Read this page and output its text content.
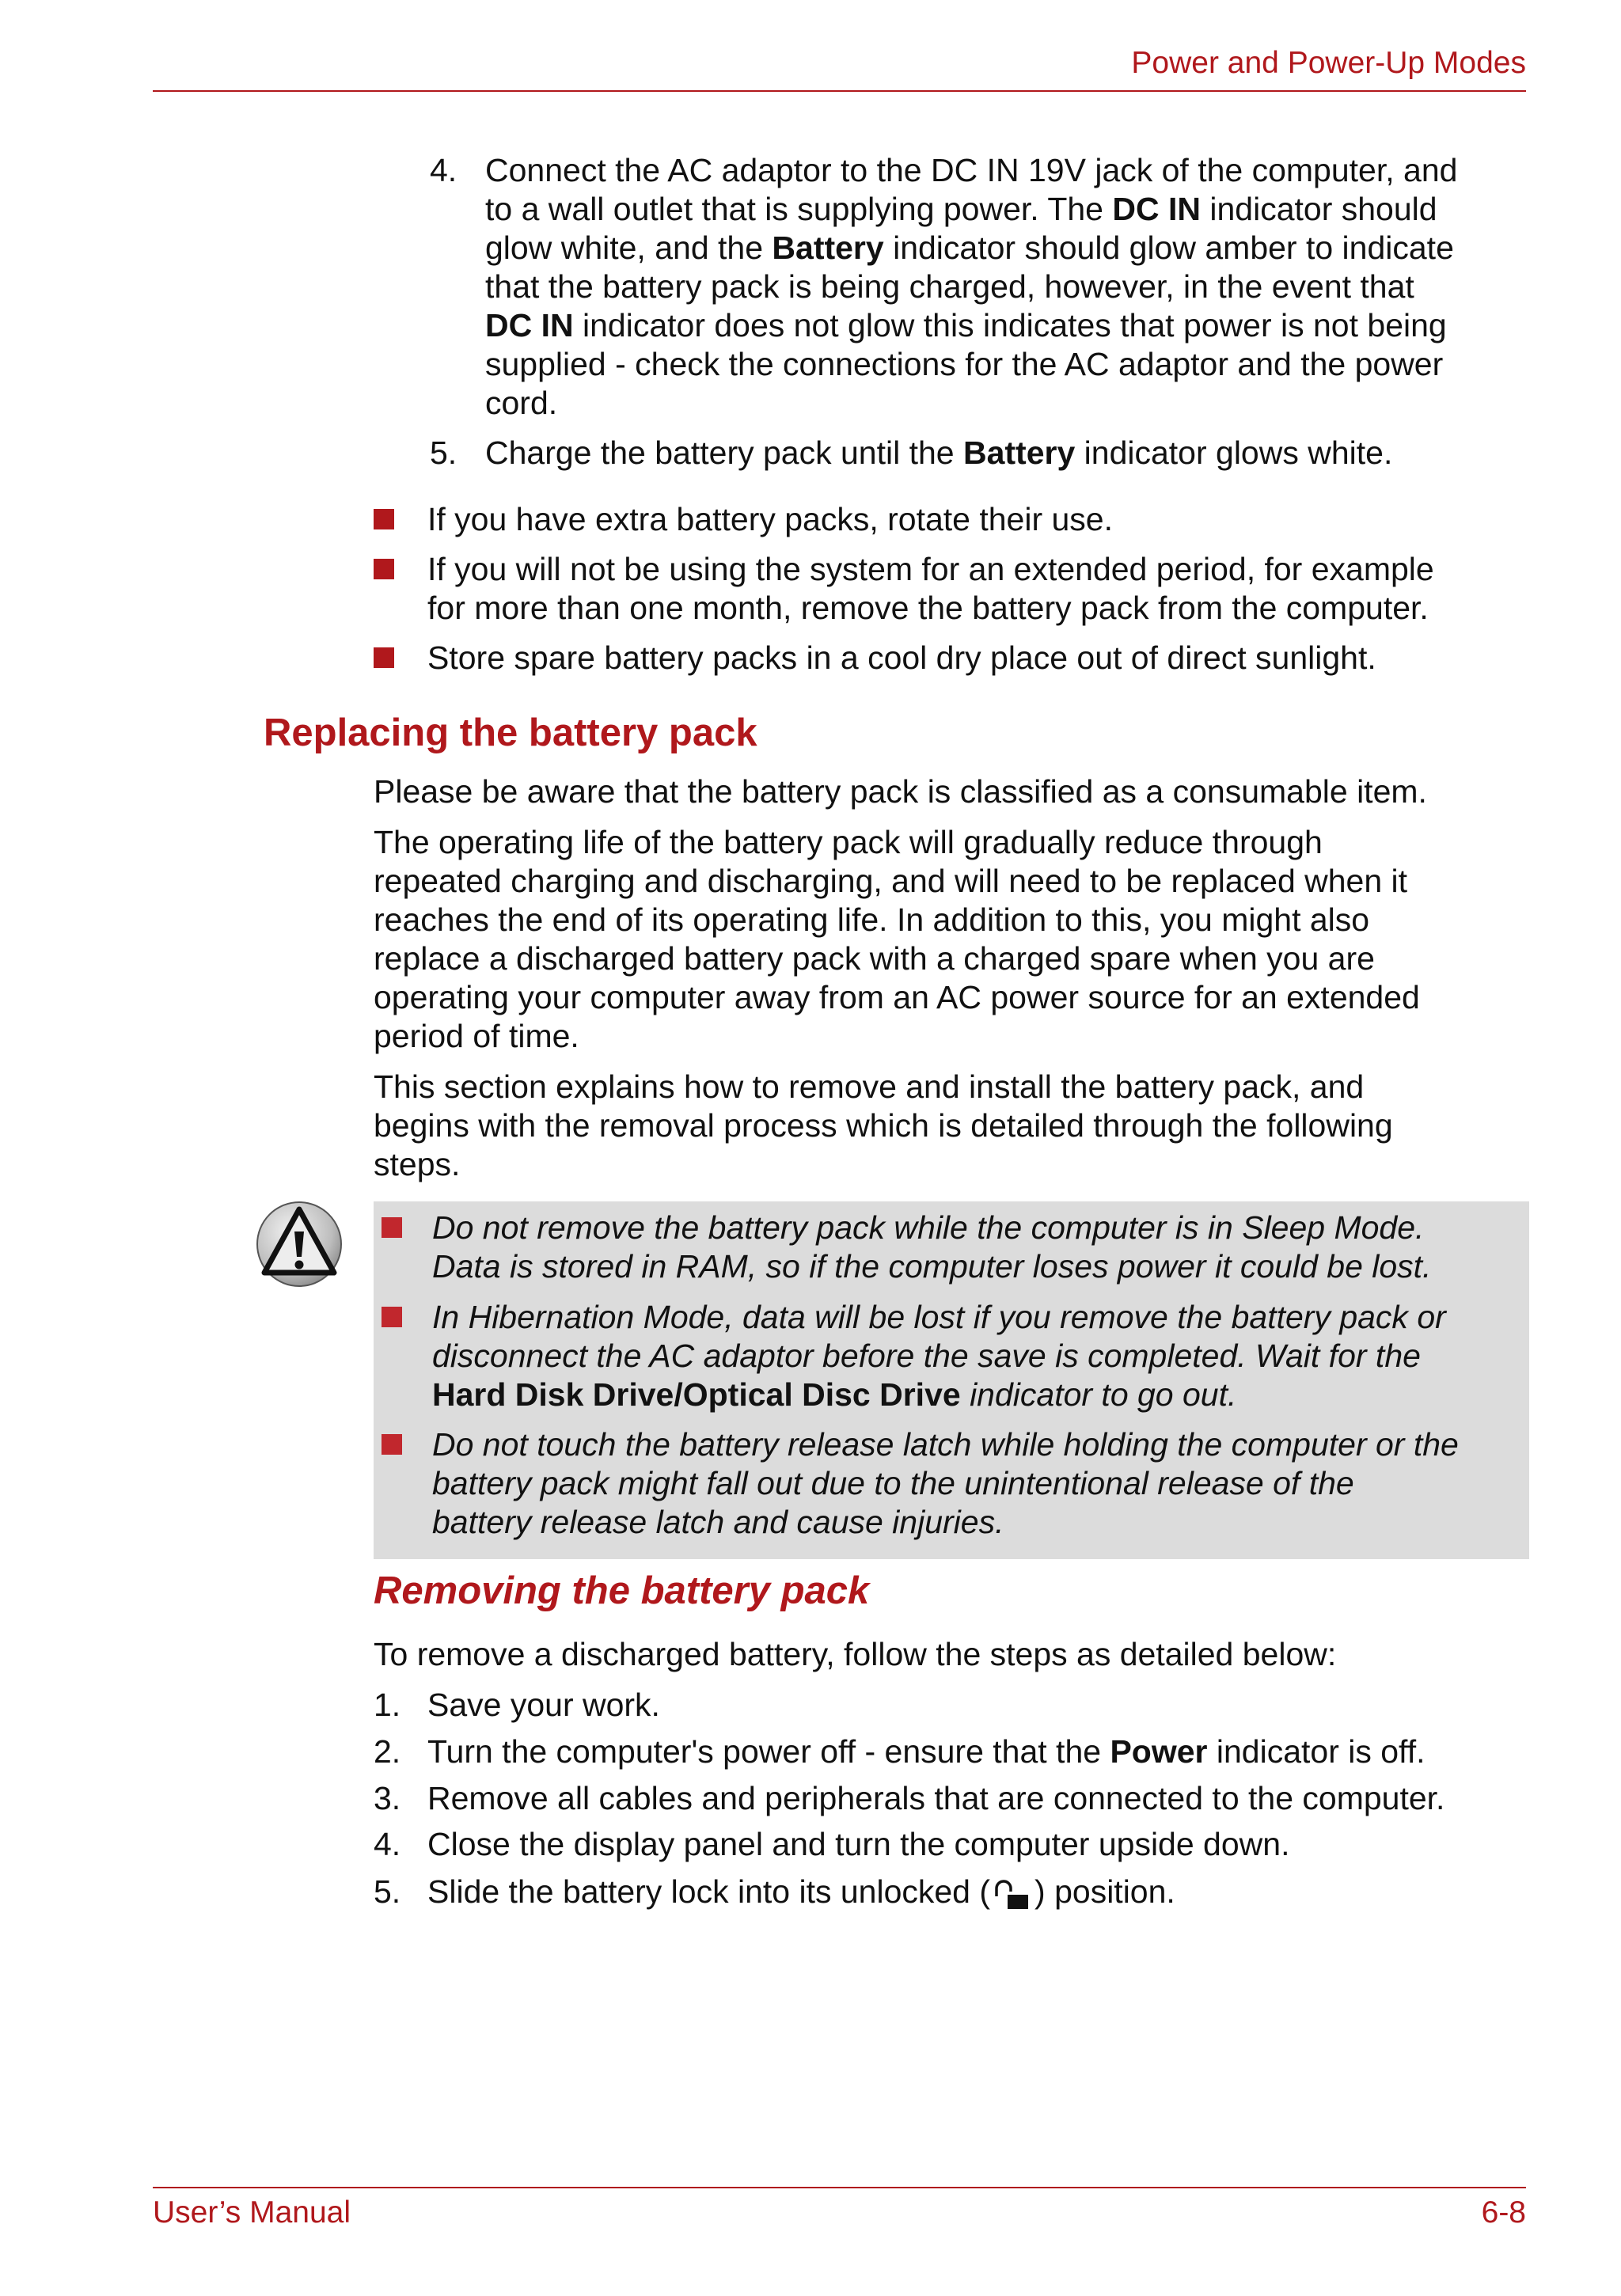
Power and Power-Up Modes
4. Connect the AC adaptor to the DC IN 19V jack of the computer, and
to a wall outlet that is supplying power. The DC IN indicator should
glow white, and the Battery indicator should glow amber to indicate
that the battery pack is being charged, however, in the event that
DC IN indicator does not glow this indicates that power is not being
supplied - check the connections for the AC adaptor and the power
cord.
5. Charge the battery pack until the Battery indicator glows white.
If you have extra battery packs, rotate their use.
If you will not be using the system for an extended period, for example
for more than one month, remove the battery pack from the computer.
Store spare battery packs in a cool dry place out of direct sunlight.
Replacing the battery pack
Please be aware that the battery pack is classified as a consumable item.
The operating life of the battery pack will gradually reduce through
repeated charging and discharging, and will need to be replaced when it
reaches the end of its operating life. In addition to this, you might also
replace a discharged battery pack with a charged spare when you are
operating your computer away from an AC power source for an extended
period of time.
This section explains how to remove and install the battery pack, and
begins with the removal process which is detailed through the following
steps.
Do not remove the battery pack while the computer is in Sleep Mode.
Data is stored in RAM, so if the computer loses power it could be lost.
In Hibernation Mode, data will be lost if you remove the battery pack or
disconnect the AC adaptor before the save is completed. Wait for the
Hard Disk Drive/Optical Disc Drive indicator to go out.
Do not touch the battery release latch while holding the computer or the
battery pack might fall out due to the unintentional release of the
battery release latch and cause injuries.
Removing the battery pack
To remove a discharged battery, follow the steps as detailed below:
1. Save your work.
2. Turn the computer's power off - ensure that the Power indicator is off.
3. Remove all cables and peripherals that are connected to the computer.
4. Close the display panel and turn the computer upside down.
5. Slide the battery lock into its unlocked ( ) position.
User’s Manual	6-8
